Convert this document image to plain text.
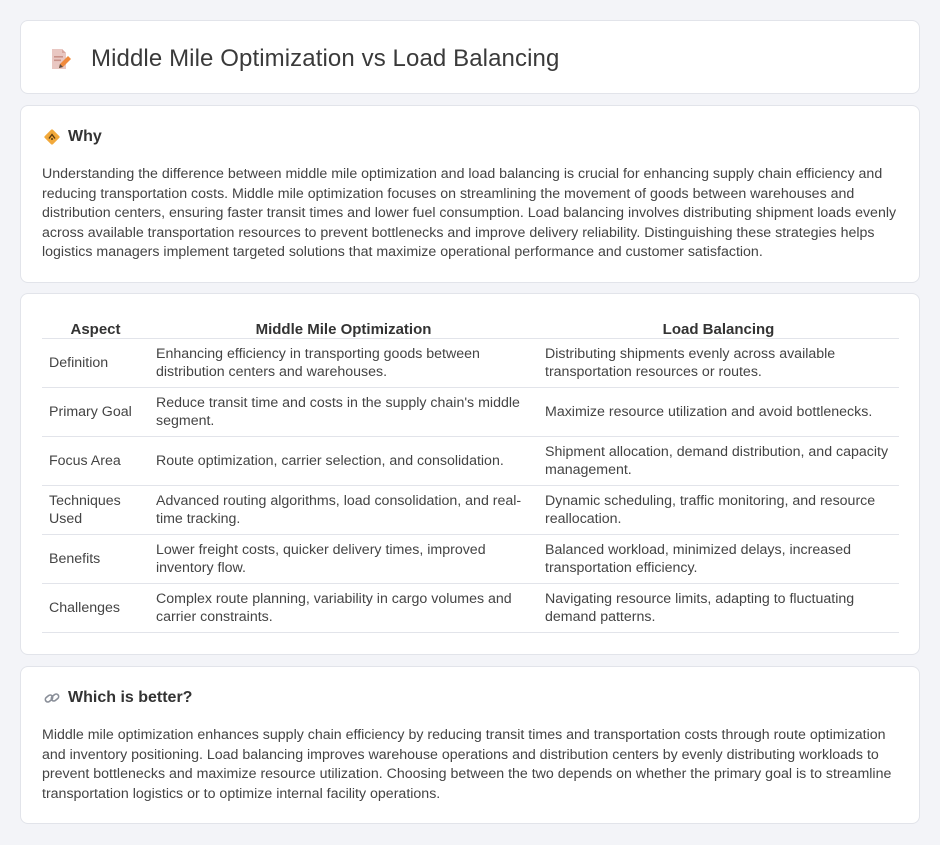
Middle Mile Optimization vs Load Balancing
Why

Understanding the difference between middle mile optimization and load balancing is crucial for enhancing supply chain efficiency and reducing transportation costs. Middle mile optimization focuses on streamlining the movement of goods between warehouses and distribution centers, ensuring faster transit times and lower fuel consumption. Load balancing involves distributing shipment loads evenly across available transportation resources to prevent bottlenecks and improve delivery reliability. Distinguishing these strategies helps logistics managers implement targeted solutions that maximize operational performance and customer satisfaction.

Aspect	Middle Mile Optimization	Load Balancing
Definition	Enhancing efficiency in transporting goods between distribution centers and warehouses.	Distributing shipments evenly across available transportation resources or routes.
Primary Goal	Reduce transit time and costs in the supply chain's middle segment.	Maximize resource utilization and avoid bottlenecks.
Focus Area	Route optimization, carrier selection, and consolidation.	Shipment allocation, demand distribution, and capacity management.
Techniques Used	Advanced routing algorithms, load consolidation, and real-time tracking.	Dynamic scheduling, traffic monitoring, and resource reallocation.
Benefits	Lower freight costs, quicker delivery times, improved inventory flow.	Balanced workload, minimized delays, increased transportation efficiency.
Challenges	Complex route planning, variability in cargo volumes and carrier constraints.	Navigating resource limits, adapting to fluctuating demand patterns.
Which is better?

Middle mile optimization enhances supply chain efficiency by reducing transit times and transportation costs through route optimization and inventory positioning. Load balancing improves warehouse operations and distribution centers by evenly distributing workloads to prevent bottlenecks and maximize resource utilization. Choosing between the two depends on whether the primary goal is to streamline transportation logistics or to optimize internal facility operations.
